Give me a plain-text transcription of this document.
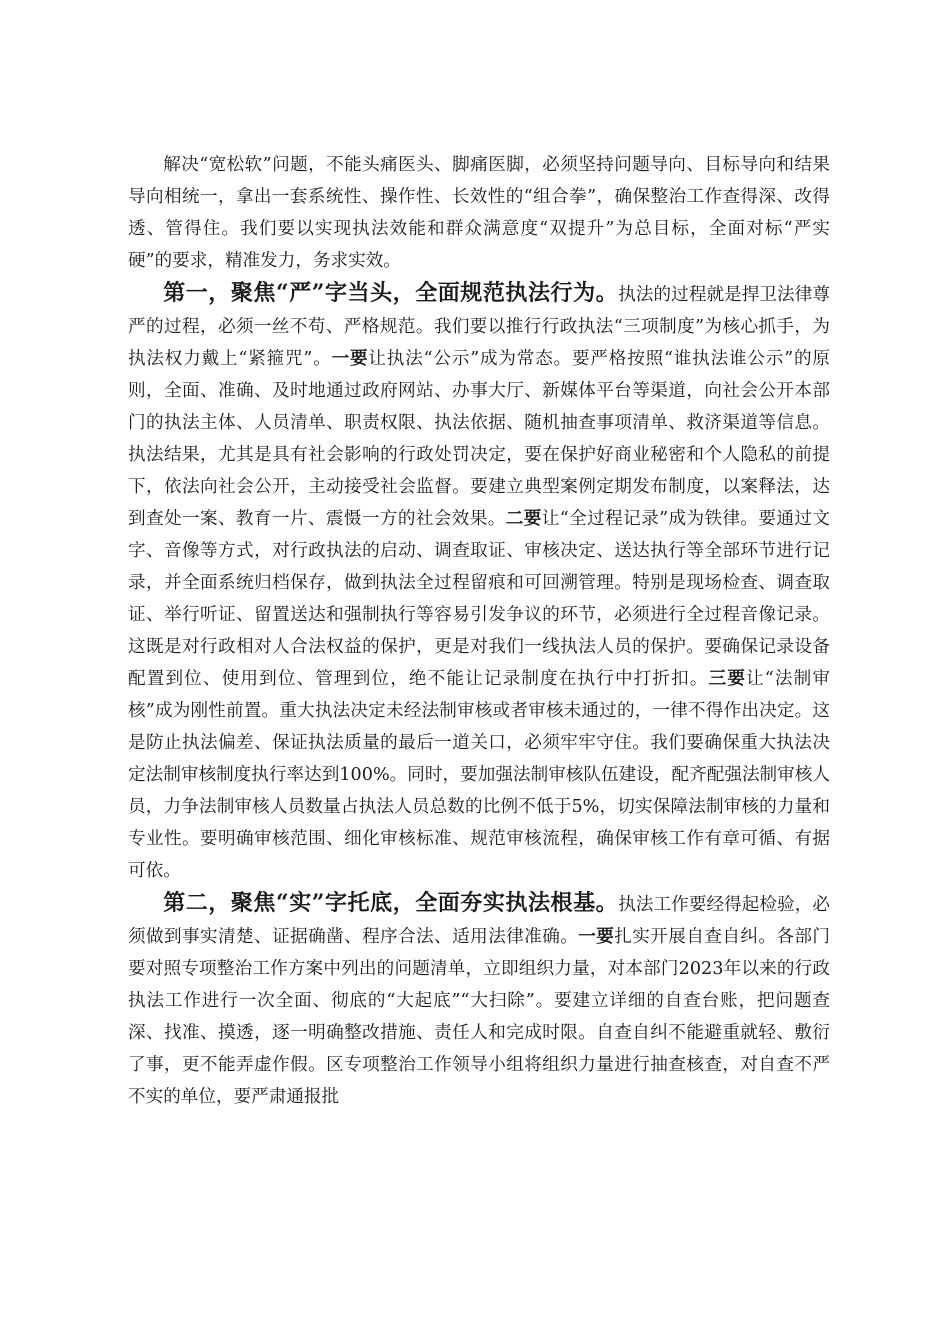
解决“宽松软”问题，不能头痛医头、脚痛医脚，必须坚持问题导向、目标导向和结果导向相统一，拿出一套系统性、操作性、长效性的“组合拳”，确保整治工作查得深、改得透、管得住。我们要以实现执法效能和群众满意度“双提升”为总目标，全面对标“严实硬”的要求，精准发力，务求实效。

第一，聚焦“严”字当头，全面规范执法行为。执法的过程就是捍卫法律尊严的过程，必须一丝不苟、严格规范。我们要以推行行政执法“三项制度”为核心抓手，为执法权力戴上“紧箍咒”。一要让执法“公示”成为常态。要严格按照“谁执法谁公示”的原则，全面、准确、及时地通过政府网站、办事大厅、新媒体平台等渠道，向社会公开本部门的执法主体、人员清单、职责权限、执法依据、随机抽查事项清单、救济渠道等信息。执法结果，尤其是具有社会影响的行政处罚决定，要在保护好商业秘密和个人隐私的前提下，依法向社会公开，主动接受社会监督。要建立典型案例定期发布制度，以案释法，达到查处一案、教育一片、震慑一方的社会效果。二要让“全过程记录”成为铁律。要通过文字、音像等方式，对行政执法的启动、调查取证、审核决定、送达执行等全部环节进行记录，并全面系统归档保存，做到执法全过程留痕和可回溯管理。特别是现场检查、调查取证、举行听证、留置送达和强制执行等容易引发争议的环节，必须进行全过程音像记录。这既是对行政相对人合法权益的保护，更是对我们一线执法人员的保护。要确保记录设备配置到位、使用到位、管理到位，绝不能让记录制度在执行中打折扣。三要让“法制审核”成为刚性前置。重大执法决定未经法制审核或者审核未通过的，一律不得作出决定。这是防止执法偏差、保证执法质量的最后一道关口，必须牢牢守住。我们要确保重大执法决定法制审核制度执行率达到100%。同时，要加强法制审核队伍建设，配齐配强法制审核人员，力争法制审核人员数量占执法人员总数的比例不低于5%，切实保障法制审核的力量和专业性。要明确审核范围、细化审核标准、规范审核流程，确保审核工作有章可循、有据可依。

第二，聚焦“实”字托底，全面夯实执法根基。执法工作要经得起检验，必须做到事实清楚、证据确凿、程序合法、适用法律准确。一要扎实开展自查自纠。各部门要对照专项整治工作方案中列出的问题清单，立即组织力量，对本部门2023年以来的行政执法工作进行一次全面、彻底的“大起底”“大扫除”。要建立详细的自查台账，把问题查深、找准、摸透，逐一明确整改措施、责任人和完成时限。自查自纠不能避重就轻、敷衍了事，更不能弄虚作假。区专项整治工作领导小组将组织力量进行抽查核查，对自查不严不实的单位，要严肃通报批
